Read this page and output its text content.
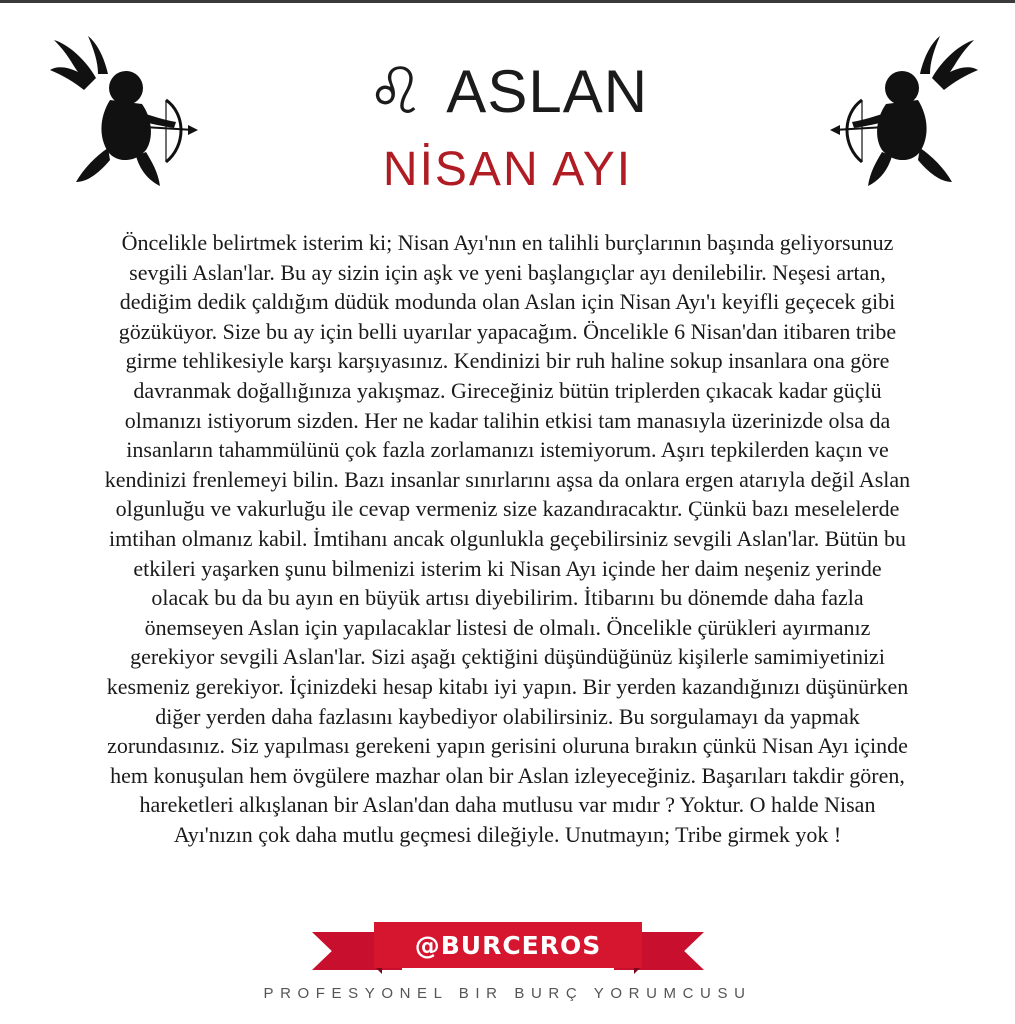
♌ ASLAN
NİSAN AYI
Öncelikle belirtmek isterim ki; Nisan Ayı'nın en talihli burçlarının başında geliyorsunuz
sevgili Aslan'lar. Bu ay sizin için aşk ve yeni başlangıçlar ayı denilebilir. Neşesi artan,
dediğim dedik çaldığım düdük modunda olan Aslan için Nisan Ayı'ı keyifli geçecek gibi
gözüküyor. Size bu ay için belli uyarılar yapacağım. Öncelikle 6 Nisan'dan itibaren tribe
girme tehlikesiyle karşı karşıyasınız. Kendinizi bir ruh haline sokup insanlara ona göre
davranmak doğallığınıza yakışmaz. Gireceğiniz bütün triplerden çıkacak kadar güçlü
olmanızı istiyorum sizden. Her ne kadar talihin etkisi tam manasıyla üzerinizde olsa da
insanların tahammülünü çok fazla zorlamanızı istemiyorum. Aşırı tepkilerden kaçın ve
kendinizi frenlemeyi bilin. Bazı insanlar sınırlarını aşsa da onlara ergen atarıyla değil Aslan
olgunluğu ve vakurluğu ile cevap vermeniz size kazandıracaktır. Çünkü bazı meselelerde
imtihan olmanız kabil. İmtihanı ancak olgunlukla geçebilirsiniz sevgili Aslan'lar. Bütün bu
etkileri yaşarken şunu bilmenizi isterim ki Nisan Ayı içinde her daim neşeniz yerinde
olacak bu da bu ayın en büyük artısı diyebilirim. İtibarını bu dönemde daha fazla
önemseyen Aslan için yapılacaklar listesi de olmalı. Öncelikle çürükleri ayırmanız
gerekiyor sevgili Aslan'lar. Sizi aşağı çektiğini düşündüğünüz kişilerle samimiyetinizi
kesmeniz gerekiyor. İçinizdeki hesap kitabı iyi yapın. Bir yerden kazandığınızı düşünürken
diğer yerden daha fazlasını kaybediyor olabilirsiniz. Bu sorgulamayı da yapmak
zorundasınız. Siz yapılması gerekeni yapın gerisini oluruna bırakın çünkü Nisan Ayı içinde
hem konuşulan hem övgülere mazhar olan bir Aslan izleyeceğiniz. Başarıları takdir gören,
hareketleri alkışlanan bir Aslan'dan daha mutlusu var mıdır ? Yoktur. O halde Nisan
Ayı'nızın çok daha mutlu geçmesi dileğiyle. Unutmayın; Tribe girmek yok !
@BURCEROS
PROFESYONEL BIR BURÇ YORUMCUSU
